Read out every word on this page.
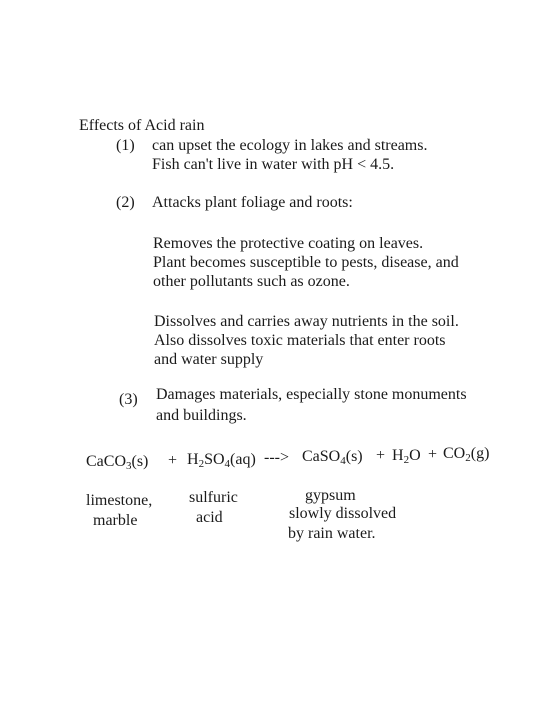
Effects of Acid rain
(1) can upset the ecology in lakes and streams.
Fish can't live in water with pH < 4.5.
(2) Attacks plant foliage and roots:
Removes the protective coating on leaves.
Plant becomes susceptible to pests, disease, and
other pollutants such as ozone.
Dissolves and carries away nutrients in the soil.
Also dissolves toxic materials that enter roots
and water supply
(3) Damages materials, especially stone monuments
and buildings.
CaCO$_3$(s) + $H_2SO_4(aq)$ ---> CaSO$_4$(s) + $H_2O + CO_2(g)$
limestone,
marble
sulfuric
acid
gypsum
slowly dissolved
by rain water.
